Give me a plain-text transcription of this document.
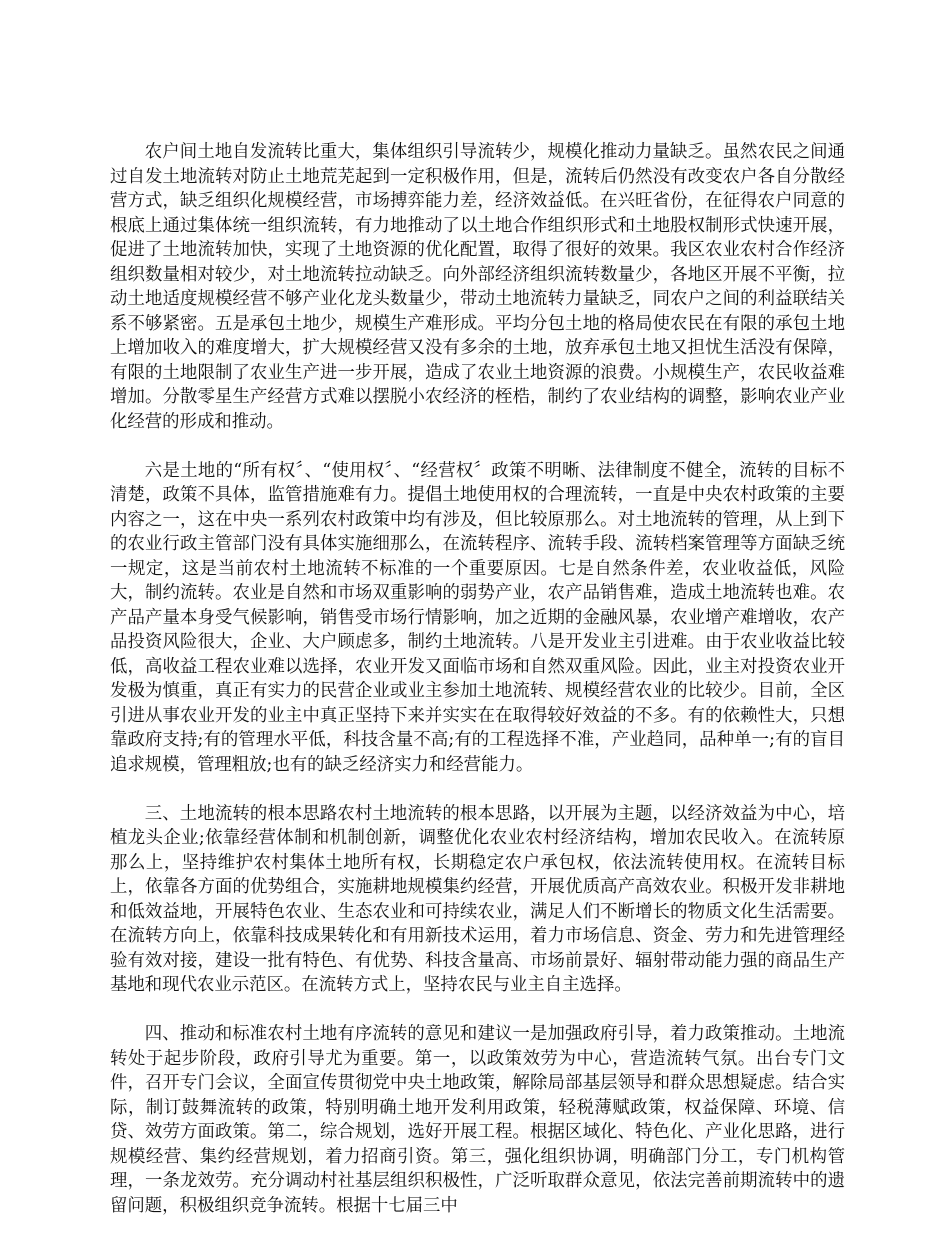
农户间土地自发流转比重大，集体组织引导流转少，规模化推动力量缺乏。虽然农民之间通过自发土地流转对防止土地荒芜起到一定积极作用，但是，流转后仍然没有改变农户各自分散经营方式，缺乏组织化规模经营，市场搏弈能力差，经济效益低。在兴旺省份，在征得农户同意的根底上通过集体统一组织流转，有力地推动了以土地合作组织形式和土地股权制形式快速开展，促进了土地流转加快，实现了土地资源的优化配置，取得了很好的效果。我区农业农村合作经济组织数量相对较少，对土地流转拉动缺乏。向外部经济组织流转数量少，各地区开展不平衡，拉动土地适度规模经营不够产业化龙头数量少，带动土地流转力量缺乏，同农户之间的利益联结关系不够紧密。五是承包土地少，规模生产难形成。平均分包土地的格局使农民在有限的承包土地上增加收入的难度增大，扩大规模经营又没有多余的土地，放弃承包土地又担忧生活没有保障，有限的土地限制了农业生产进一步开展，造成了农业土地资源的浪费。小规模生产，农民收益难增加。分散零星生产经营方式难以摆脱小农经济的桎梏，制约了农业结构的调整，影响农业产业化经营的形成和推动。

六是土地的“所有权〞、“使用权〞、“经营权〞政策不明晰、法律制度不健全，流转的目标不清楚，政策不具体，监管措施难有力。提倡土地使用权的合理流转，一直是中央农村政策的主要内容之一，这在中央一系列农村政策中均有涉及，但比较原那么。对土地流转的管理，从上到下的农业行政主管部门没有具体实施细那么，在流转程序、流转手段、流转档案管理等方面缺乏统一规定，这是当前农村土地流转不标准的一个重要原因。七是自然条件差，农业收益低，风险大，制约流转。农业是自然和市场双重影响的弱势产业，农产品销售难，造成土地流转也难。农产品产量本身受气候影响，销售受市场行情影响，加之近期的金融风暴，农业增产难增收，农产品投资风险很大，企业、大户顾虑多，制约土地流转。八是开发业主引进难。由于农业收益比较低，高收益工程农业难以选择，农业开发又面临市场和自然双重风险。因此，业主对投资农业开发极为慎重，真正有实力的民营企业或业主参加土地流转、规模经营农业的比较少。目前，全区引进从事农业开发的业主中真正坚持下来并实实在在取得较好效益的不多。有的依赖性大，只想靠政府支持;有的管理水平低，科技含量不高;有的工程选择不准，产业趋同，品种单一;有的盲目追求规模，管理粗放;也有的缺乏经济实力和经营能力。

三、土地流转的根本思路农村土地流转的根本思路，以开展为主题，以经济效益为中心，培植龙头企业;依靠经营体制和机制创新，调整优化农业农村经济结构，增加农民收入。在流转原那么上，坚持维护农村集体土地所有权，长期稳定农户承包权，依法流转使用权。在流转目标上，依靠各方面的优势组合，实施耕地规模集约经营，开展优质高产高效农业。积极开发非耕地和低效益地，开展特色农业、生态农业和可持续农业，满足人们不断增长的物质文化生活需要。在流转方向上，依靠科技成果转化和有用新技术运用，着力市场信息、资金、劳力和先进管理经验有效对接，建设一批有特色、有优势、科技含量高、市场前景好、辐射带动能力强的商品生产基地和现代农业示范区。在流转方式上，坚持农民与业主自主选择。

四、推动和标准农村土地有序流转的意见和建议一是加强政府引导，着力政策推动。土地流转处于起步阶段，政府引导尤为重要。第一，以政策效劳为中心，营造流转气氛。出台专门文件，召开专门会议，全面宣传贯彻党中央土地政策，解除局部基层领导和群众思想疑虑。结合实际，制订鼓舞流转的政策，特别明确土地开发利用政策，轻税薄赋政策，权益保障、环境、信贷、效劳方面政策。第二，综合规划，选好开展工程。根据区域化、特色化、产业化思路，进行规模经营、集约经营规划，着力招商引资。第三，强化组织协调，明确部门分工，专门机构管理，一条龙效劳。充分调动村社基层组织积极性，广泛听取群众意见，依法完善前期流转中的遗留问题，积极组织竞争流转。根据十七届三中
